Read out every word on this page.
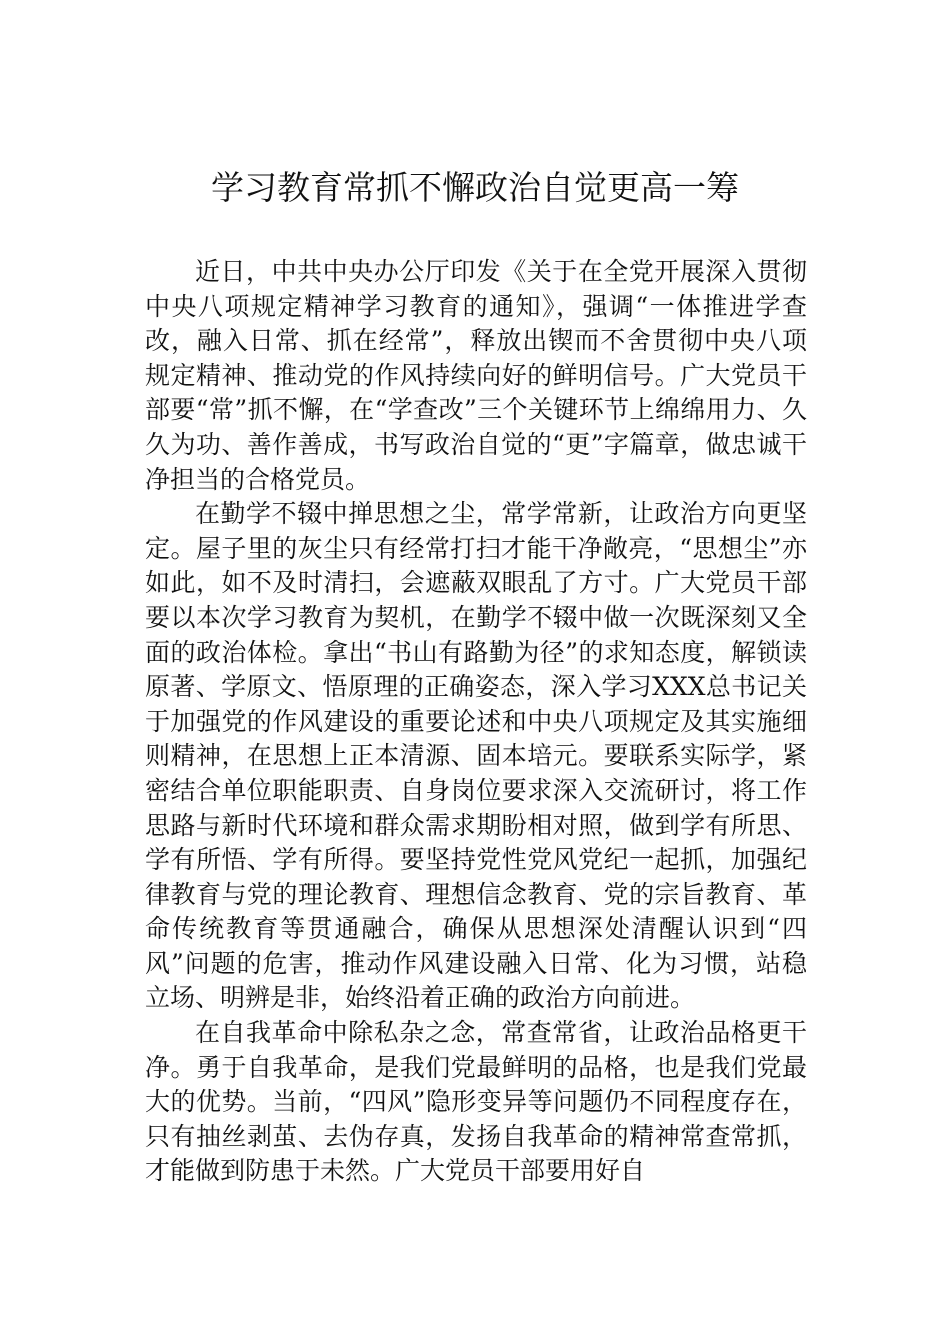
学习教育常抓不懈政治自觉更高一筹

近日，中共中央办公厅印发《关于在全党开展深入贯彻中央八项规定精神学习教育的通知》，强调“一体推进学查改，融入日常、抓在经常”，释放出锲而不舍贯彻中央八项规定精神、推动党的作风持续向好的鲜明信号。广大党员干部要“常”抓不懈，在“学查改”三个关键环节上绵绵用力、久久为功、善作善成，书写政治自觉的“更”字篇章，做忠诚干净担当的合格党员。

在勤学不辍中掸思想之尘，常学常新，让政治方向更坚定。屋子里的灰尘只有经常打扫才能干净敞亮，“思想尘”亦如此，如不及时清扫，会遮蔽双眼乱了方寸。广大党员干部要以本次学习教育为契机，在勤学不辍中做一次既深刻又全面的政治体检。拿出“书山有路勤为径”的求知态度，解锁读原著、学原文、悟原理的正确姿态，深入学习XXX总书记关于加强党的作风建设的重要论述和中央八项规定及其实施细则精神，在思想上正本清源、固本培元。要联系实际学，紧密结合单位职能职责、自身岗位要求深入交流研讨，将工作思路与新时代环境和群众需求期盼相对照，做到学有所思、学有所悟、学有所得。要坚持党性党风党纪一起抓，加强纪律教育与党的理论教育、理想信念教育、党的宗旨教育、革命传统教育等贯通融合，确保从思想深处清醒认识到“四风”问题的危害，推动作风建设融入日常、化为习惯，站稳立场、明辨是非，始终沿着正确的政治方向前进。

在自我革命中除私杂之念，常查常省，让政治品格更干净。勇于自我革命，是我们党最鲜明的品格，也是我们党最大的优势。当前，“四风”隐形变异等问题仍不同程度存在，只有抽丝剥茧、去伪存真，发扬自我革命的精神常查常抓，才能做到防患于未然。广大党员干部要用好自
